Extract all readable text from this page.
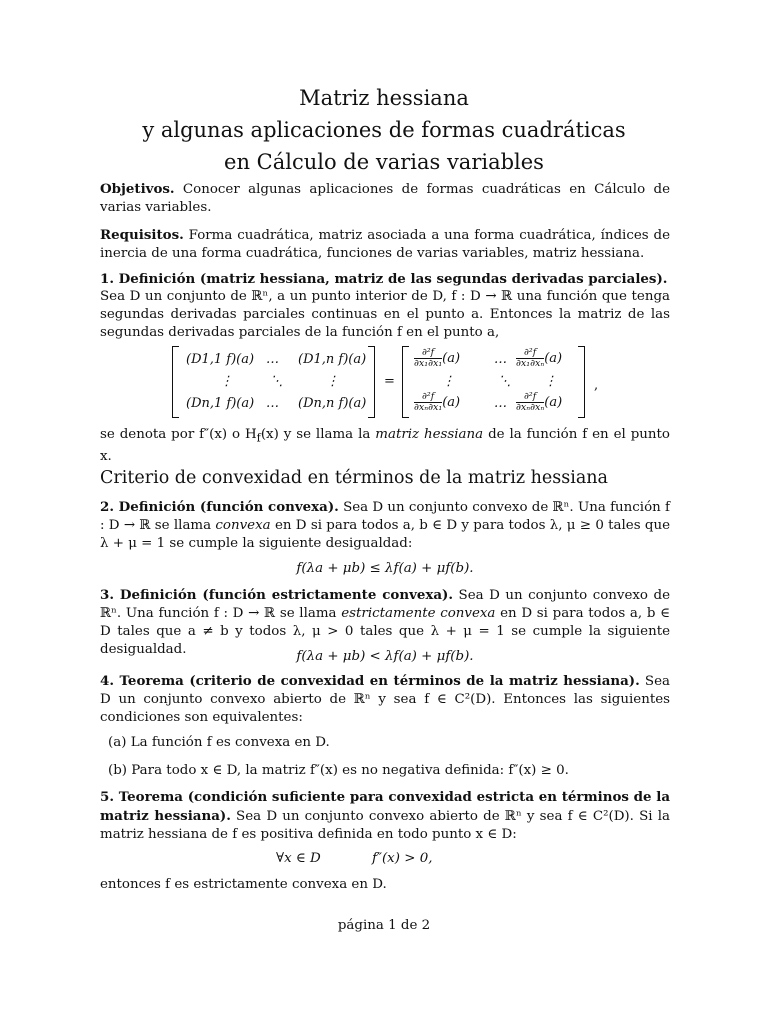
Matriz hessiana
y algunas aplicaciones de formas cuadráticas
en Cálculo de varias variables
Objetivos. Conocer algunas aplicaciones de formas cuadráticas en Cálculo de varias variables.
Requisitos. Forma cuadrática, matriz asociada a una forma cuadrática, índices de inercia de una forma cuadrática, funciones de varias variables, matriz hessiana.
1. Definición (matriz hessiana, matriz de las segundas derivadas parciales).
Sea D un conjunto de ℝⁿ, a un punto interior de D, f : D → ℝ una función que tenga segundas derivadas parciales continuas en el punto a. Entonces la matriz de las segundas derivadas parciales de la función f en el punto a,
(D1,1 f)(a) … (D1,n f)(a)
⋮	⋱	⋮
(Dn,1 f)(a) … (Dn,n f)(a)
=
$\frac{\text{∂²f}}{\text{∂x₁∂x₁}} (a)$	… $\frac{\text{∂²f}}{\text{∂x₁∂xₙ}} (a)$
⋮	⋱	⋮
$\frac{\text{∂²f}}{\text{∂xₙ∂x₁}} (a)$	… $\frac{\text{∂²f}}{\text{∂xₙ∂xₙ}} (a)$
,
se denota por f″(x) o $H_f(x)$ y se llama la matriz hessiana de la función f en el punto x.
Criterio de convexidad en términos de la matriz hessiana
2. Definición (función convexa). Sea D un conjunto convexo de ℝⁿ. Una función f : D → ℝ se llama convexa en D si para todos a, b ∈ D y para todos λ, μ ≥ 0 tales que λ + μ = 1 se cumple la siguiente desigualdad:
f(λa + μb) ≤ λf(a) + μf(b).
3. Definición (función estrictamente convexa). Sea D un conjunto convexo de ℝⁿ. Una función f : D → ℝ se llama estrictamente convexa en D si para todos a, b ∈ D tales que a ≠ b y todos λ, μ > 0 tales que λ + μ = 1 se cumple la siguiente desigualdad.	f(λa + μb) < λf(a) + μf(b).
4. Teorema (criterio de convexidad en términos de la matriz hessiana). Sea D un conjunto convexo abierto de ℝⁿ y sea f ∈ C²(D). Entonces las siguientes condiciones son equivalentes:
(a) La función f es convexa en D.
(b) Para todo x ∈ D, la matriz f″(x) es no negativa definida: f″(x) ≥ 0.
5. Teorema (condición suficiente para convexidad estricta en términos de la matriz hessiana). Sea D un conjunto convexo abierto de ℝⁿ y sea f ∈ C²(D). Si la matriz hessiana de f es positiva definida en todo punto x ∈ D:
∀x ∈ D	f″(x) > 0,
entonces f es estrictamente convexa en D.
página 1 de 2
